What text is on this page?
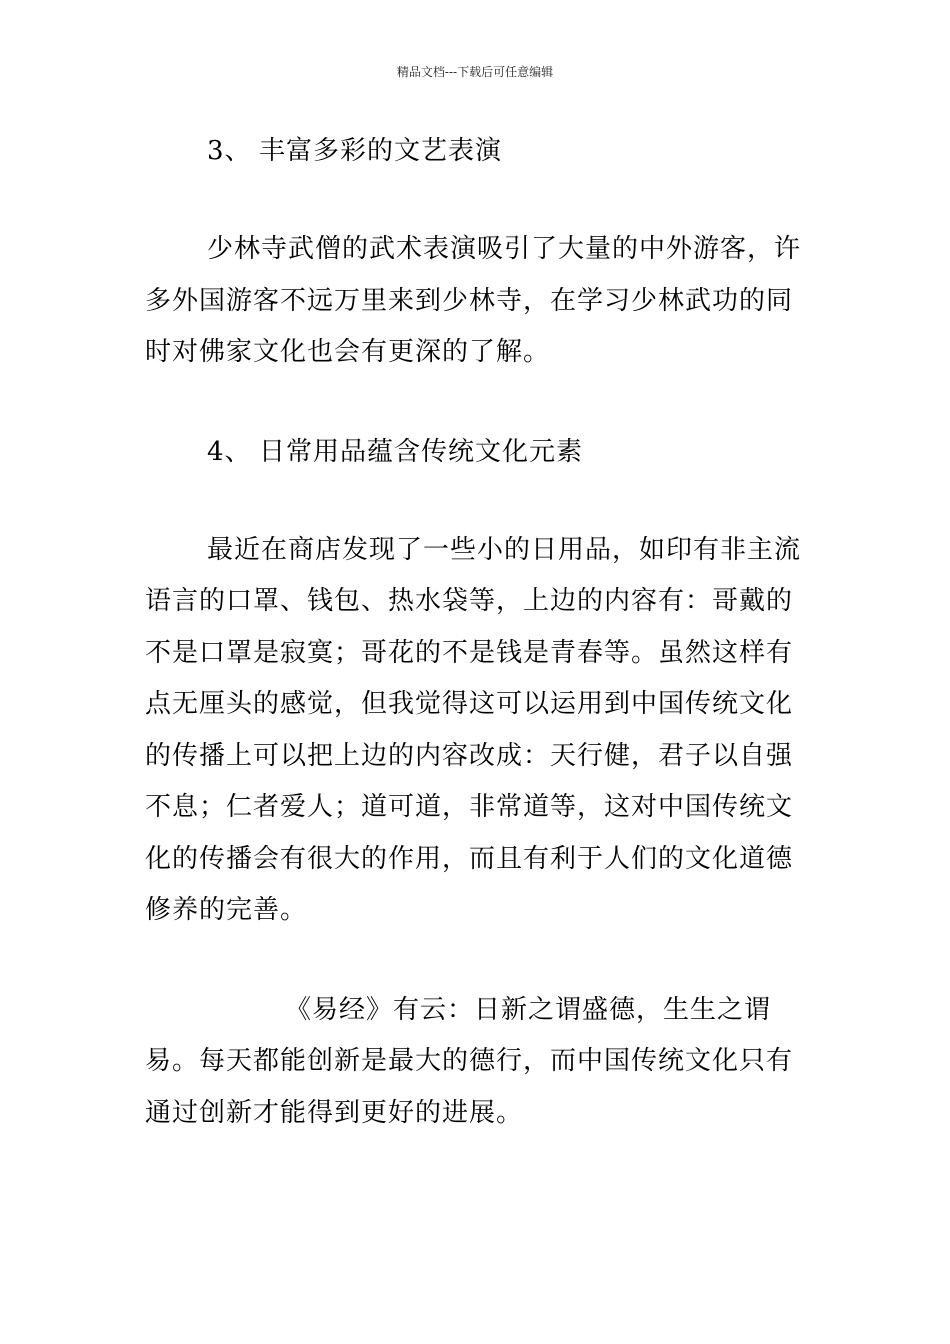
精品文档---下载后可任意编辑
3、 丰富多彩的文艺表演

少林寺武僧的武术表演吸引了大量的中外游客，许多外国游客不远万里来到少林寺，在学习少林武功的同时对佛家文化也会有更深的了解。

4、 日常用品蕴含传统文化元素

最近在商店发现了一些小的日用品，如印有非主流语言的口罩、钱包、热水袋等，上边的内容有：哥戴的不是口罩是寂寞；哥花的不是钱是青春等。虽然这样有点无厘头的感觉，但我觉得这可以运用到中国传统文化的传播上可以把上边的内容改成：天行健，君子以自强不息；仁者爱人；道可道，非常道等，这对中国传统文化的传播会有很大的作用，而且有利于人们的文化道德修养的完善。

《易经》有云：日新之谓盛德，生生之谓易。每天都能创新是最大的德行，而中国传统文化只有通过创新才能得到更好的进展。
